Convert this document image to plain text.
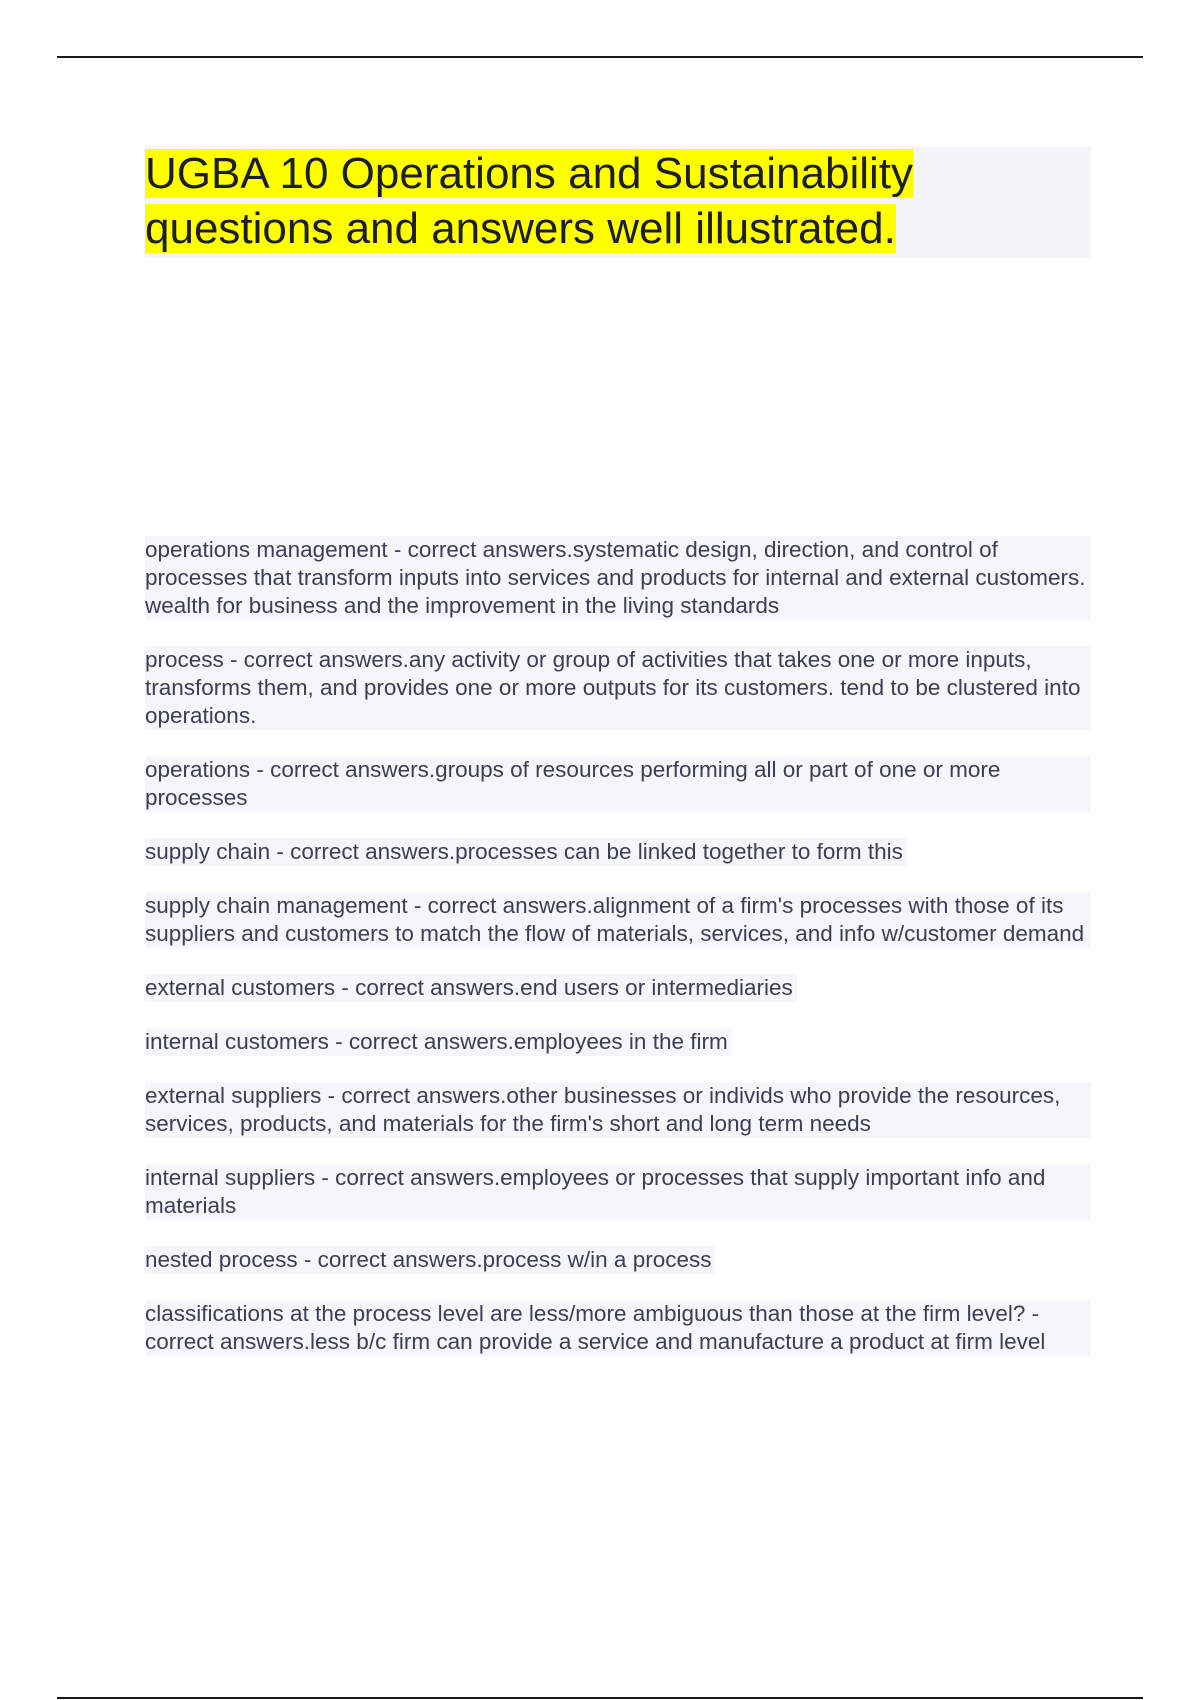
UGBA 10 Operations and Sustainability questions and answers well illustrated.

operations management - correct answers.systematic design, direction, and control of processes that transform inputs into services and products for internal and external customers. wealth for business and the improvement in the living standards

process - correct answers.any activity or group of activities that takes one or more inputs, transforms them, and provides one or more outputs for its customers. tend to be clustered into operations.

operations - correct answers.groups of resources performing all or part of one or more processes

supply chain - correct answers.processes can be linked together to form this

supply chain management - correct answers.alignment of a firm's processes with those of its suppliers and customers to match the flow of materials, services, and info w/customer demand

external customers - correct answers.end users or intermediaries

internal customers - correct answers.employees in the firm

external suppliers - correct answers.other businesses or individs who provide the resources, services, products, and materials for the firm's short and long term needs

internal suppliers - correct answers.employees or processes that supply important info and materials

nested process - correct answers.process w/in a process

classifications at the process level are less/more ambiguous than those at the firm level? - correct answers.less b/c firm can provide a service and manufacture a product at firm level
